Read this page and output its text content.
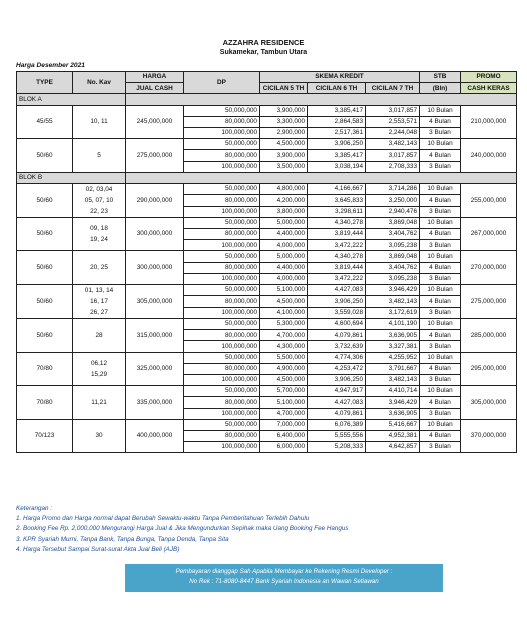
AZZAHRA RESIDENCE
Sukamekar, Tambun Utara
Harga Desember 2021
TYPE	No. Kav	HARGA	DP	SKEMA KREDIT			STB	PROMO
		JUAL CASH		CICILAN 5 TH	CICILAN 6 TH	CICILAN 7 TH	(Bln)	CASH KERAS
BLOK A								
45/55	10, 11	245,000,000	50,000,000	3,900,000	3,385,417	3,017,857	10 Bulan	210,000,000
			80,000,000	3,300,000	2,864,583	2,553,571	4 Bulan	
			100,000,000	2,900,000	2,517,361	2,244,048	3 Bulan	
50/60	5	275,000,000	50,000,000	4,500,000	3,906,250	3,482,143	10 Bulan	240,000,000
			80,000,000	3,900,000	3,385,417	3,017,857	4 Bulan	
			100,000,000	3,500,000	3,038,194	2,708,333	3 Bulan	
BLOK B								
50/60	02, 03,04
05, 07, 10
22, 23	290,000,000	50,000,000	4,800,000	4,166,667	3,714,286	10 Bulan	255,000,000
			80,000,000	4,200,000	3,645,833	3,250,000	4 Bulan	
			100,000,000	3,800,000	3,298,611	2,940,476	3 Bulan	
50/60	09, 18
19, 24	300,000,000	50,000,000	5,000,000	4,340,278	3,869,048	10 Bulan	267,000,000
			80,000,000	4,400,000	3,819,444	3,404,762	4 Bulan	
			100,000,000	4,000,000	3,472,222	3,095,238	3 Bulan	
50/60	20, 25	300,000,000	50,000,000	5,000,000	4,340,278	3,869,048	10 Bulan	270,000,000
			80,000,000	4,400,000	3,819,444	3,404,762	4 Bulan	
			100,000,000	4,000,000	3,472,222	3,095,238	3 Bulan	
50/60	01, 13, 14
16, 17
26, 27	305,000,000	50,000,000	5,100,000	4,427,083	3,946,429	10 Bulan	275,000,000
			80,000,000	4,500,000	3,906,250	3,482,143	4 Bulan	
			100,000,000	4,100,000	3,559,028	3,172,619	3 Bulan	
50/60	28	315,000,000	50,000,000	5,300,000	4,600,694	4,101,190	10 Bulan	285,000,000
			80,000,000	4,700,000	4,079,861	3,636,905	4 Bulan	
			100,000,000	4,300,000	3,732,639	3,327,381	3 Bulan	
70/80	06,12
15,29	325,000,000	50,000,000	5,500,000	4,774,306	4,255,952	10 Bulan	295,000,000
			80,000,000	4,900,000	4,253,472	3,791,667	4 Bulan	
			100,000,000	4,500,000	3,906,250	3,482,143	3 Bulan	
70/80	11,21	335,000,000	50,000,000	5,700,000	4,947,917	4,410,714	10 Bulan	305,000,000
			80,000,000	5,100,000	4,427,083	3,946,429	4 Bulan	
			100,000,000	4,700,000	4,079,861	3,636,905	3 Bulan	
70/123	30	400,000,000	50,000,000	7,000,000	6,076,389	5,416,667	10 Bulan	370,000,000
			80,000,000	6,400,000	5,555,556	4,952,381	4 Bulan	
			100,000,000	6,000,000	5,208,333	4,642,857	3 Bulan	
Keterangan :
1. Harga Promo dan Harga normal dapat Berubah Sewaktu-waktu Tanpa Pemberitahuan Terlebih Dahulu
2. Booking Fee Rp. 2,000,000 Mengurangi Harga Jual & Jika Mengundurkan Sepihak maka Uang Booking Fee Hangus
3. KPR Syariah Murni, Tanpa Bank, Tanpa Bunga, Tanpa Denda, Tanpa Sita
4. Harga Tersebut Sampai Surat-surat Akta Jual Beli (AJB)
Pembayaran dianggap Sah Apabila Membayar ke Rekening Resmi Developer :
No Rek : 71-8080-8447 Bank Syariah Indonesia an Wawan Setiawan
